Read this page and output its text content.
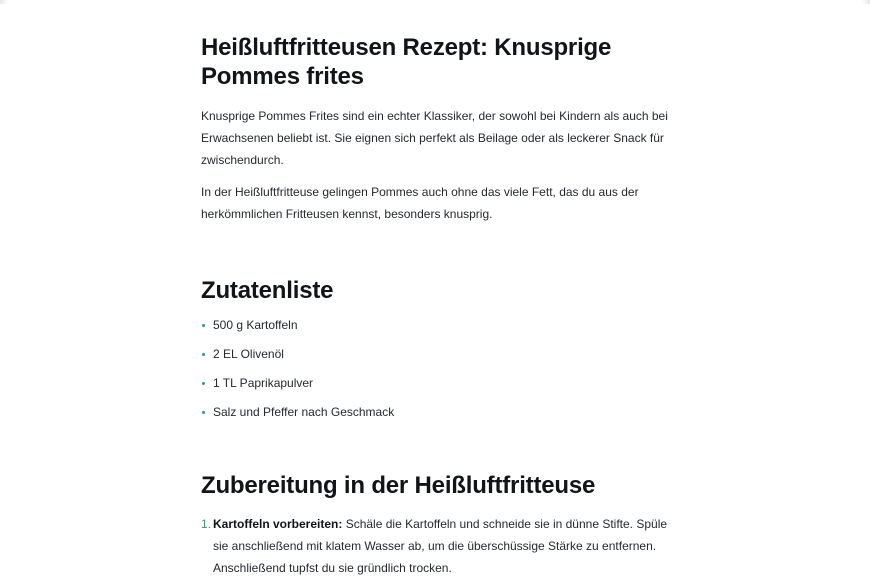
Heißluftfritteusen Rezept: Knusprige Pommes frites

Knusprige Pommes Frites sind ein echter Klassiker, der sowohl bei Kindern als auch bei Erwachsenen beliebt ist. Sie eignen sich perfekt als Beilage oder als leckerer Snack für zwischendurch.

In der Heißluftfritteuse gelingen Pommes auch ohne das viele Fett, das du aus der herkömmlichen Fritteusen kennst, besonders knusprig.

Zutatenliste
500 g Kartoffeln
2 EL Olivenöl
1 TL Paprikapulver
Salz und Pfeffer nach Geschmack
Zubereitung in der Heißluftfritteuse
1. Kartoffeln vorbereiten: Schäle die Kartoffeln und schneide sie in dünne Stifte. Spüle sie anschließend mit klatem Wasser ab, um die überschüssige Stärke zu entfernen. Anschließend tupfst du sie gründlich trocken.
